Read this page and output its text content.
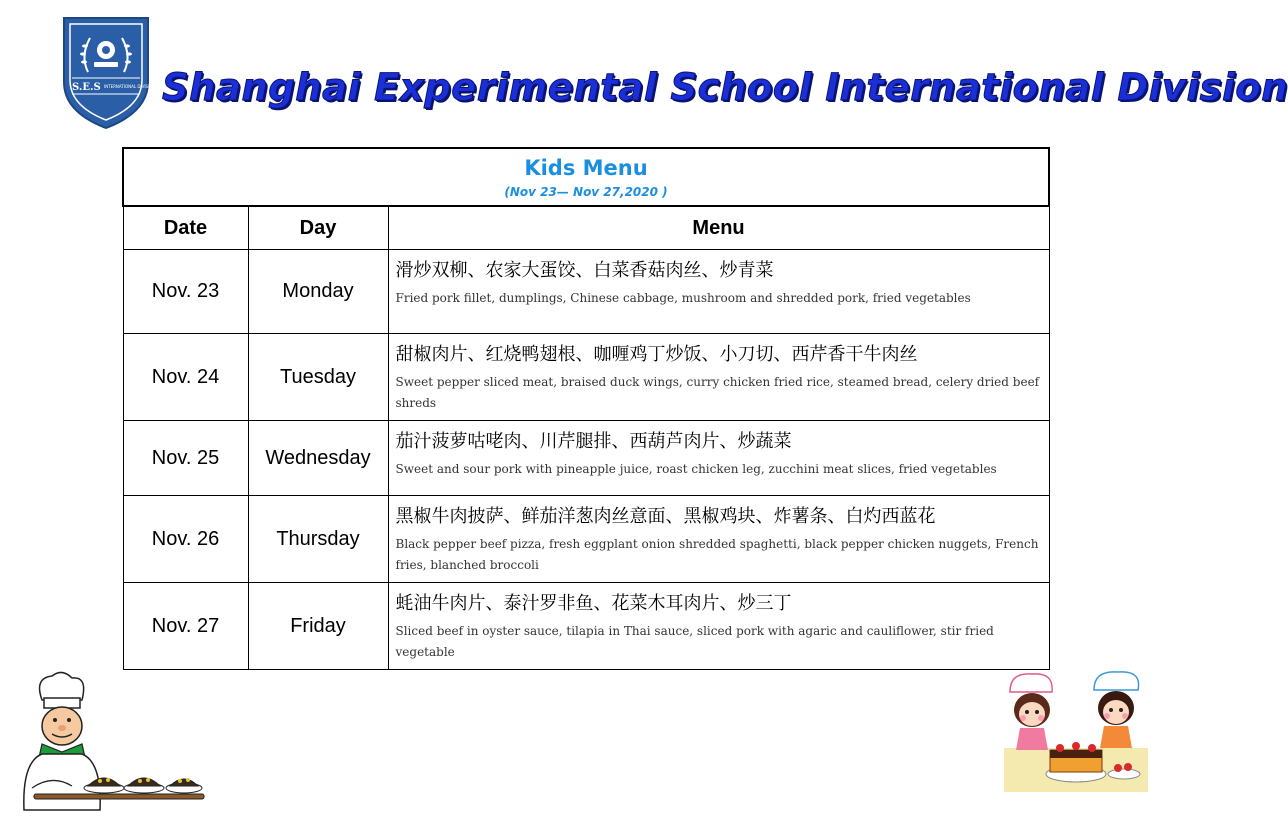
S.E.S INTERNATIONAL DIVISION Shanghai Experimental School International Division
Kids Menu
(Nov 23— Nov 27,2020 )		

Date	Day	Menu
Nov. 23	Monday	滑炒双柳、农家大蛋饺、白菜香菇肉丝、炒青菜
Fried pork fillet, dumplings, Chinese cabbage, mushroom and shredded pork, fried vegetables

Nov. 24	Tuesday	甜椒肉片、红烧鸭翅根、咖喱鸡丁炒饭、小刀切、西芹香干牛肉丝
Sweet pepper sliced meat, braised duck wings, curry chicken fried rice, steamed bread, celery dried beef shreds

Nov. 25	Wednesday	茄汁菠萝咕咾肉、川芹腿排、西葫芦肉片、炒蔬菜
Sweet and sour pork with pineapple juice, roast chicken leg, zucchini meat slices, fried vegetables

Nov. 26	Thursday	黑椒牛肉披萨、鲜茄洋葱肉丝意面、黑椒鸡块、炸薯条、白灼西蓝花
Black pepper beef pizza, fresh eggplant onion shredded spaghetti, black pepper chicken nuggets, French fries, blanched broccoli

Nov. 27	Friday	蚝油牛肉片、泰汁罗非鱼、花菜木耳肉片、炒三丁
Sliced beef in oyster sauce, tilapia in Thai sauce, sliced pork with agaric and cauliflower, stir fried vegetable
